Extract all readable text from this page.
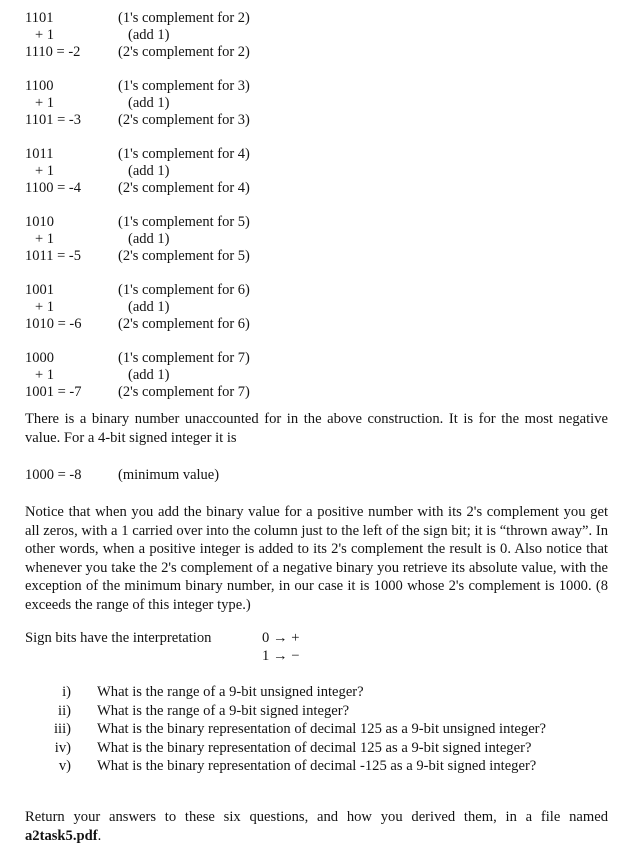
1101	(1's complement for 2)
+ 1	(add 1)
1110 = -2	(2's complement for 2)
1100	(1's complement for 3)
+ 1	(add 1)
1101 = -3	(2's complement for 3)
1011	(1's complement for 4)
+ 1	(add 1)
1100 = -4	(2's complement for 4)
1010	(1's complement for 5)
+ 1	(add 1)
1011 = -5	(2's complement for 5)
1001	(1's complement for 6)
+ 1	(add 1)
1010 = -6	(2's complement for 6)
1000	(1's complement for 7)
+ 1	(add 1)
1001 = -7	(2's complement for 7)
There is a binary number unaccounted for in the above construction. It is for the most negative value. For a 4-bit signed integer it is
1000 = -8	(minimum value)
Notice that when you add the binary value for a positive number with its 2's complement you get all zeros, with a 1 carried over into the column just to the left of the sign bit; it is “thrown away”. In other words, when a positive integer is added to its 2's complement the result is 0. Also notice that whenever you take the 2's complement of a negative binary you retrieve its absolute value, with the exception of the minimum binary number, in our case it is 1000 whose 2's complement is 1000. (8 exceeds the range of this integer type.)
Sign bits have the interpretation	0 → +
1 → −
i)	What is the range of a 9-bit unsigned integer?
ii)	What is the range of a 9-bit signed integer?
iii)	What is the binary representation of decimal 125 as a 9-bit unsigned integer?
iv)	What is the binary representation of decimal 125 as a 9-bit signed integer?
v)	What is the binary representation of decimal -125 as a 9-bit signed integer?
Return your answers to these six questions, and how you derived them, in a file named a2task5.pdf.
